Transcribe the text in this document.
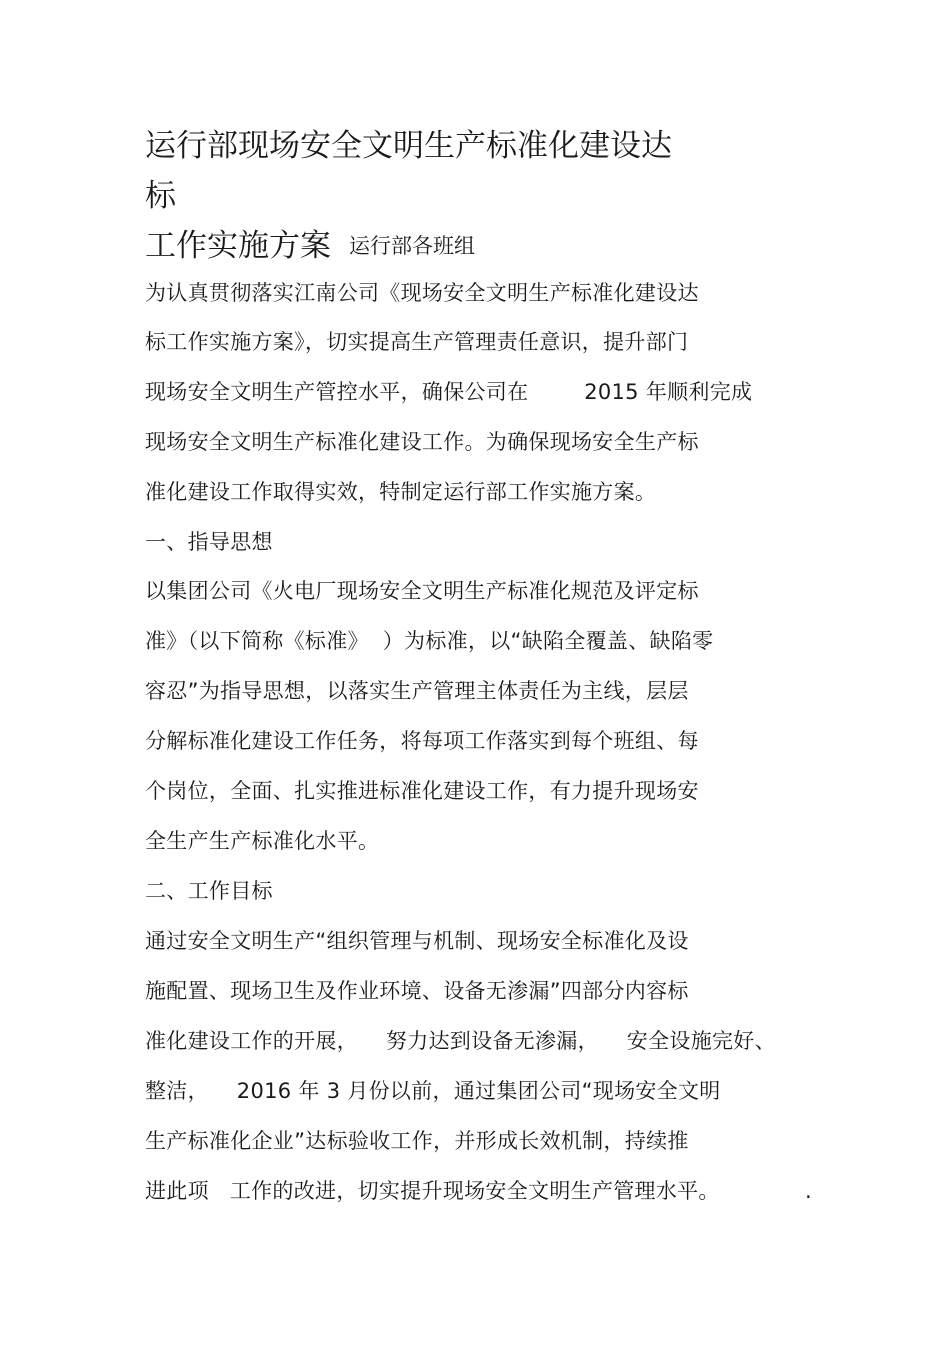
运行部现场安全文明生产标准化建设达
标
工作实施方案 运行部各班组
为认真贯彻落实江南公司《现场安全文明生产标准化建设达
标工作实施方案》，切实提高生产管理责任意识，提升部门
现场安全文明生产管控水平，确保公司在        2015 年顺利完成
现场安全文明生产标准化建设工作。为确保现场安全生产标
准化建设工作取得实效，特制定运行部工作实施方案。
一、指导思想
以集团公司《火电厂现场安全文明生产标准化规范及评定标
准》（以下简称《标准》  ）为标准，以“缺陷全覆盖、缺陷零
容忍”为指导思想，以落实生产管理主体责任为主线，层层
分解标准化建设工作任务，将每项工作落实到每个班组、每
个岗位，全面、扎实推进标准化建设工作，有力提升现场安
全生产生产标准化水平。
二、工作目标
通过安全文明生产“组织管理与机制、现场安全标准化及设
施配置、现场卫生及作业环境、设备无渗漏”四部分内容标
准化建设工作的开展，    努力达到设备无渗漏，    安全设施完好、
整洁，    2016 年 3 月份以前，通过集团公司“现场安全文明
生产标准化企业”达标验收工作，并形成长效机制，持续推
进此项   工作的改进，切实提升现场安全文明生产管理水平。	.
